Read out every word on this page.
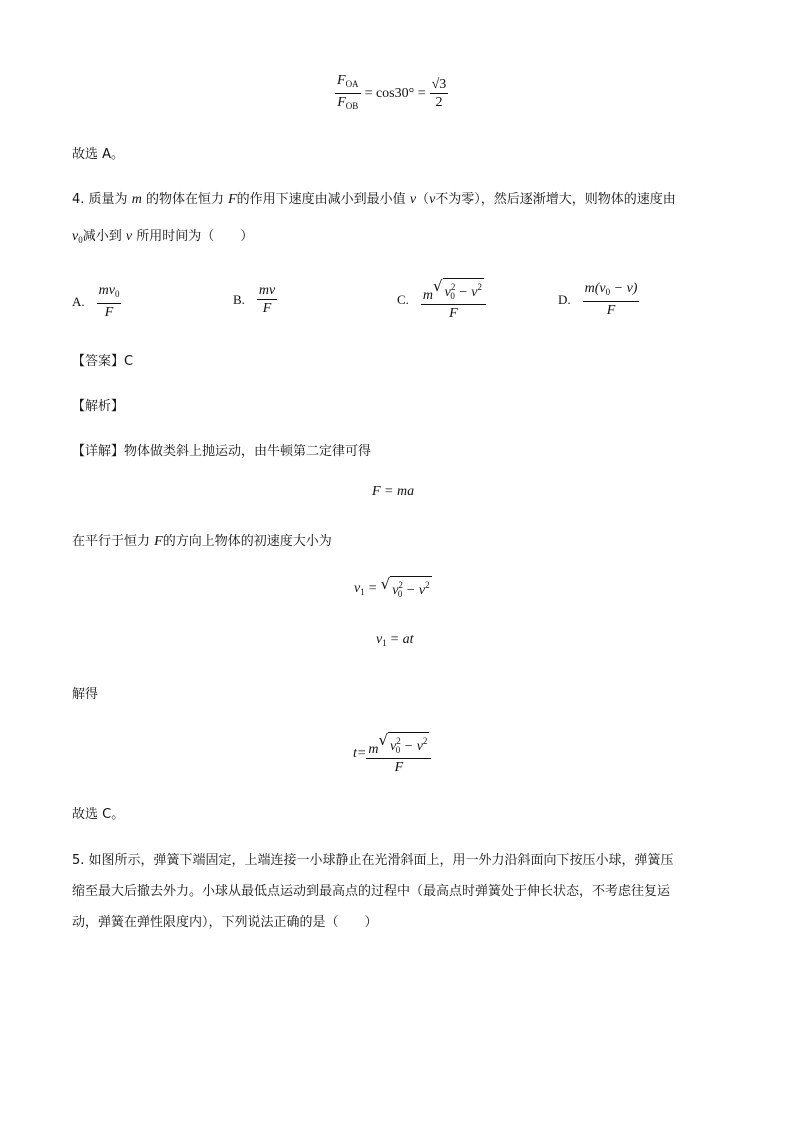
$\frac{F_{OA}}{F_{OB}} = \cos 30^\circ = \frac{√3}{2}$
故选 A。
4. 质量为 m 的物体在恒力 F的作用下速度由减小到最小值 v（v不为零），然后逐渐增大，则物体的速度由
$v_0$减小到 v 所用时间为（　　）
A. $\frac{mv_0}{F}$	B. $\frac{mv}{F}$	C. m
√ $v^2_0 - v^2$
F	D. $\frac{m(v_0 - v)}{F}$
【答案】C
【解析】
【详解】物体做类斜上抛运动，由牛顿第二定律可得
F = ma
在平行于恒力 F的方向上物体的初速度大小为
$v_1$ = √ $v^2_0 - v^2$
$v_1$ = at
解得
t= m
√ $v^2_0 - v^2$
F
故选 C。
5. 如图所示，弹簧下端固定，上端连接一小球静止在光滑斜面上，用一外力沿斜面向下按压小球，弹簧压
缩至最大后撤去外力。小球从最低点运动到最高点的过程中（最高点时弹簧处于伸长状态，不考虑往复运
动，弹簧在弹性限度内），下列说法正确的是（　　）
